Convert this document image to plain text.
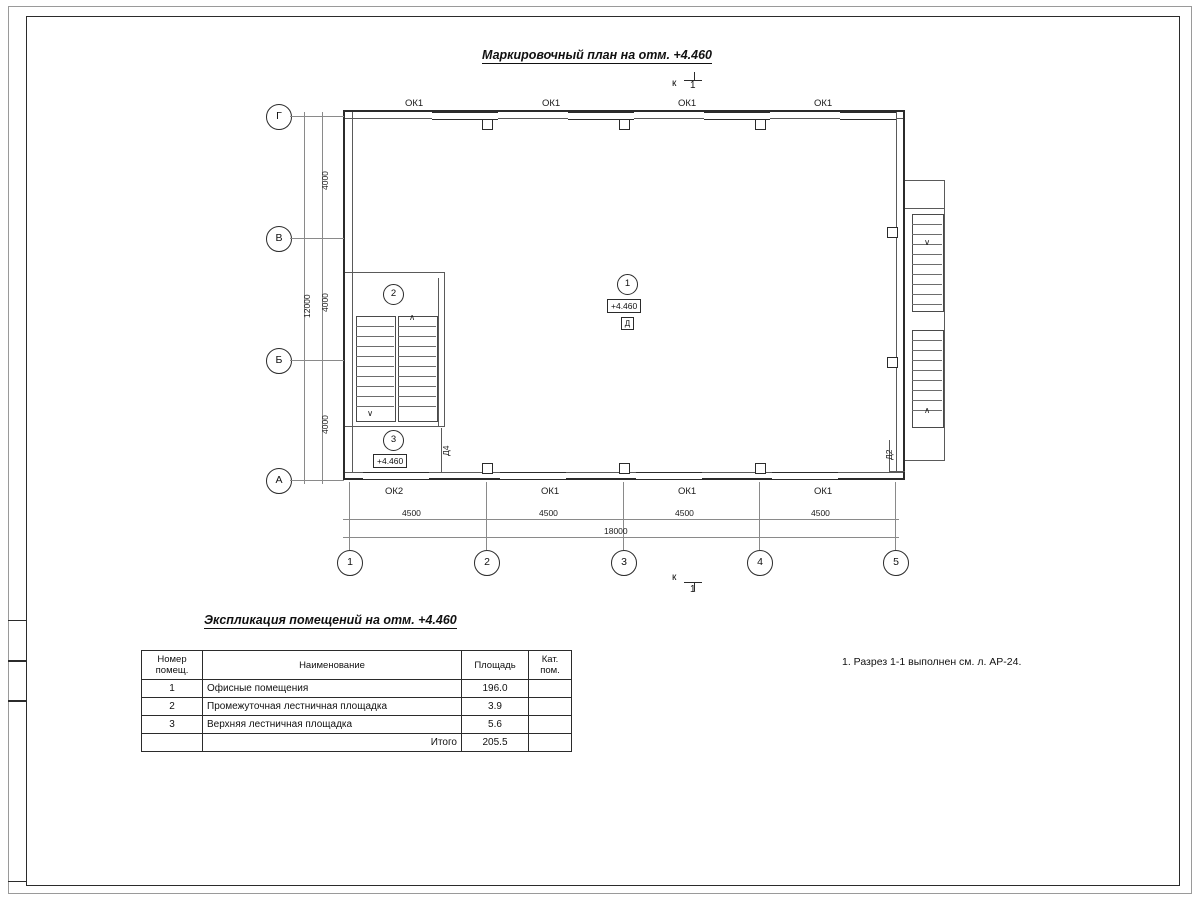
Маркировочный план на отм. +4.460
к 1
к
1
∨
∧
∧
∨
ОК1	ОК1	ОК1	ОК1
ОК2	ОК1	ОК1	ОК1
Д4	Д2
1
+4.460
Д
2
3
+4.460
Г
В
Б
А
4000
4000
4000
12000
1	2	3	4	5
4500	4500	4500	4500
18000
Экспликация помещений на отм. +4.460
Номер
помещ.	Наименование	Площадь	Кат.
пом.

1	Офисные помещения	196.0	
2	Промежуточная лестничная площадка	3.9	
3	Верхняя лестничная площадка	5.6	
	Итого	205.5	
1. Разрез 1-1 выполнен см. л. АР-24.
